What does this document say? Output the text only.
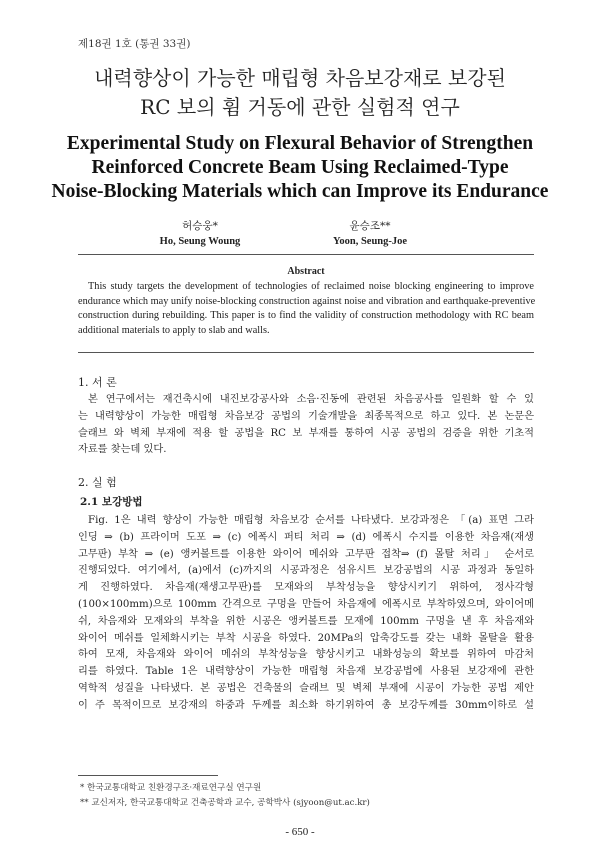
제18권 1호 (통권 33권)
내력향상이 가능한 매립형 차음보강재로 보강된
RC 보의 휨 거동에 관한 실험적 연구
Experimental Study on Flexural Behavior of Strengthen
Reinforced Concrete Beam Using Reclaimed-Type
Noise-Blocking Materials which can Improve its Endurance
허승웅*
Ho, Seung Woung
윤승조**
Yoon, Seung-Joe
Abstract
This study targets the development of technologies of reclaimed noise blocking engineering to improve
endurance which may unify noise-blocking construction against noise and vibration and earthquake-preventive
construction during rebuilding. This paper is to find the validity of construction methodology with RC beam
additional materials to apply to slab and walls.
1. 서 론
본 연구에서는 재건축시에 내진보강공사와 소음·진동에 관련된 차음공사를 일원화 할 수 있
는 내력향상이 가능한 매립형 차음보강 공법의 기술개발을 최종목적으로 하고 있다. 본 논문은
슬래브 와 벽체 부재에 적용 할 공법을 RC 보 부재를 통하여 시공 공법의 검증을 위한 기초적
자료를 찾는데 있다.
2. 실 험
2.1 보강방법
Fig. 1은 내력 향상이 가능한 매립형 차음보강 순서를 나타냈다. 보강과정은 「(a) 표면 그라
인딩 ⇒ (b) 프라이머 도포 ⇒ (c) 에폭시 퍼티 처리 ⇒ (d) 에폭시 수지를 이용한 차음재(재생
고무판) 부착 ⇒ (e) 앵커볼트를 이용한 와이어 메쉬와 고무판 접착⇒ (f) 몰탈 처리」 순서로
진행되었다. 여기에서, (a)에서 (c)까지의 시공과정은 섬유시트 보강공법의 시공 과정과 동일하
게 진행하였다. 차음재(재생고무판)를 모재와의 부착성능을 향상시키기 위하여, 정사각형
(100×100mm)으로 100mm 간격으로 구멍을 만들어 차음재에 에폭시로 부착하였으며, 와이어메
쉬, 차음재와 모재와의 부착을 위한 시공은 앵커볼트를 모재에 100mm 구멍을 낸 후 차음재와
와이어 메쉬를 일체화시키는 부착 시공을 하였다. 20MPa의 압축강도를 갖는 내화 몰탈을 활용
하여 모재, 차음재와 와이어 메쉬의 부착성능을 향상시키고 내화성능의 확보를 위하여 마감처
리를 하였다. Table 1은 내력향상이 가능한 매립형 차음재 보강공법에 사용된 보강재에 관한
역학적 성질을 나타냈다. 본 공법은 건축물의 슬래브 및 벽체 부재에 시공이 가능한 공법 제안
이 주 목적이므로 보강재의 하중과 두께를 최소화 하기위하여 총 보강두께를 30mm이하로 설
* 한국교통대학교 친환경구조·재료연구실 연구원
** 교신저자, 한국교통대학교 건축공학과 교수, 공학박사 (sjyoon@ut.ac.kr)
- 650 -
